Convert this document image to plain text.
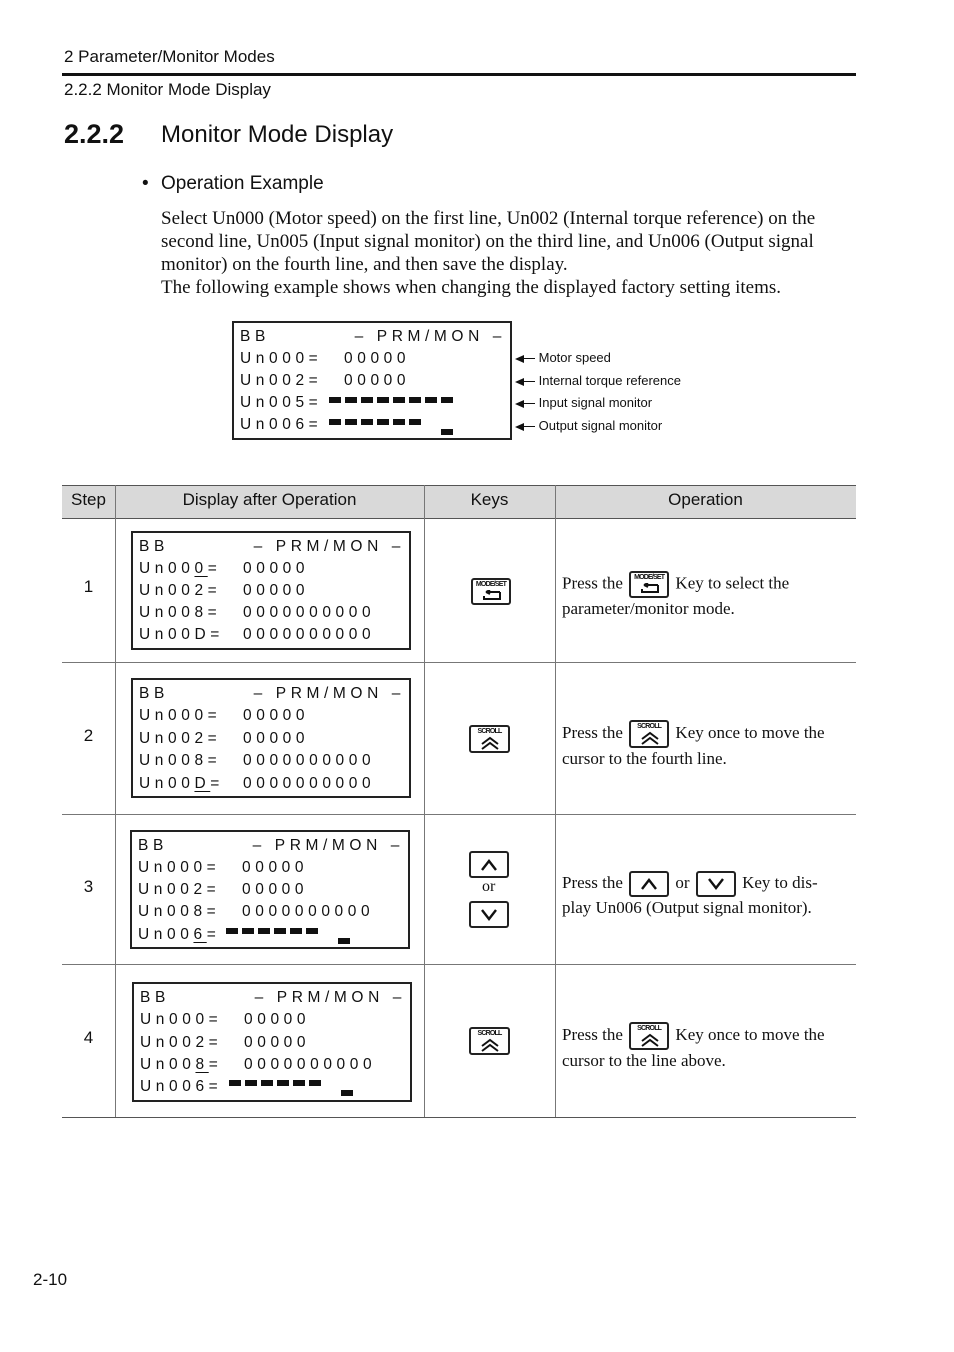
2 Parameter/Monitor Modes
2.2.2 Monitor Mode Display
2.2.2 Monitor Mode Display
• Operation Example

Select Un000 (Motor speed) on the first line, Un002 (Internal torque reference) on the second line, Un005 (Input signal monitor) on the third line, and Un006 (Output signal monitor) on the fourth line, and then save the display.

The following example shows when changing the displayed factory setting items.

BB	– PRM/MON –
Un000= 00000
Un002= 00000
Un005=
Un006=
Motor speed
Internal torque reference
Input signal monitor
Output signal monitor
Step	Display after Operation	Keys	Operation
1
BB	– PRM/MON –
Un000= 00000
Un002= 00000
Un008= 0000000000
Un00D= 0000000000
MODE/SET	Press the	MODE/SET Key to select the
parameter/monitor mode.
2
BB	– PRM/MON –
Un000= 00000
Un002= 00000
Un008= 0000000000
Un00D= 0000000000
SCROLL	Press the	SCROLL Key once to move the
cursor to the fourth line.
3
BB	– PRM/MON –
Un000= 00000
Un002= 00000
Un008= 0000000000
Un006=
or	Press the	or	Key to dis-
play Un006 (Output signal monitor).
4
BB	– PRM/MON –
Un000= 00000
Un002= 00000
Un008= 0000000000
Un006=
SCROLL	Press the	SCROLL Key once to move the
cursor to the line above.
2-10
